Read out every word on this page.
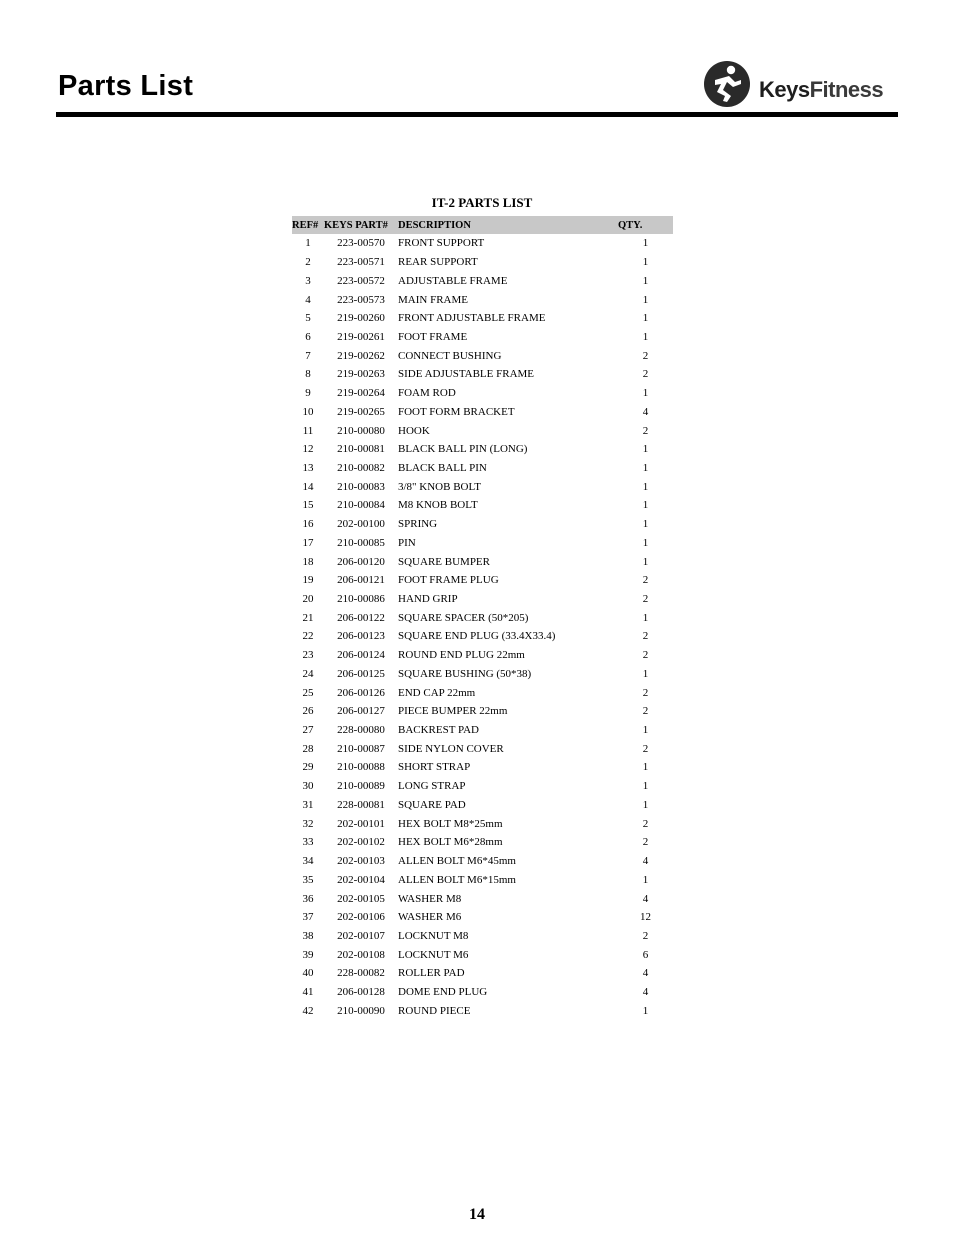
Parts List	KeysFitness
IT-2 PARTS LIST
REF#	KEYS PART#	DESCRIPTION	QTY.
1	223-00570	FRONT SUPPORT	1
2	223-00571	REAR SUPPORT	1
3	223-00572	ADJUSTABLE FRAME	1
4	223-00573	MAIN FRAME	1
5	219-00260	FRONT ADJUSTABLE FRAME	1
6	219-00261	FOOT FRAME	1
7	219-00262	CONNECT BUSHING	2
8	219-00263	SIDE ADJUSTABLE FRAME	2
9	219-00264	FOAM ROD	1
10	219-00265	FOOT FORM BRACKET	4
11	210-00080	HOOK	2
12	210-00081	BLACK BALL PIN (LONG)	1
13	210-00082	BLACK BALL PIN	1
14	210-00083	3/8" KNOB BOLT	1
15	210-00084	M8 KNOB BOLT	1
16	202-00100	SPRING	1
17	210-00085	PIN	1
18	206-00120	SQUARE BUMPER	1
19	206-00121	FOOT FRAME PLUG	2
20	210-00086	HAND GRIP	2
21	206-00122	SQUARE SPACER (50*205)	1
22	206-00123	SQUARE END PLUG (33.4X33.4)	2
23	206-00124	ROUND END PLUG 22mm	2
24	206-00125	SQUARE BUSHING (50*38)	1
25	206-00126	END CAP 22mm	2
26	206-00127	PIECE BUMPER 22mm	2
27	228-00080	BACKREST PAD	1
28	210-00087	SIDE NYLON COVER	2
29	210-00088	SHORT STRAP	1
30	210-00089	LONG STRAP	1
31	228-00081	SQUARE PAD	1
32	202-00101	HEX BOLT M8*25mm	2
33	202-00102	HEX BOLT M6*28mm	2
34	202-00103	ALLEN BOLT M6*45mm	4
35	202-00104	ALLEN BOLT M6*15mm	1
36	202-00105	WASHER M8	4
37	202-00106	WASHER M6	12
38	202-00107	LOCKNUT M8	2
39	202-00108	LOCKNUT M6	6
40	228-00082	ROLLER PAD	4
41	206-00128	DOME END PLUG	4
42	210-00090	ROUND PIECE	1
14
